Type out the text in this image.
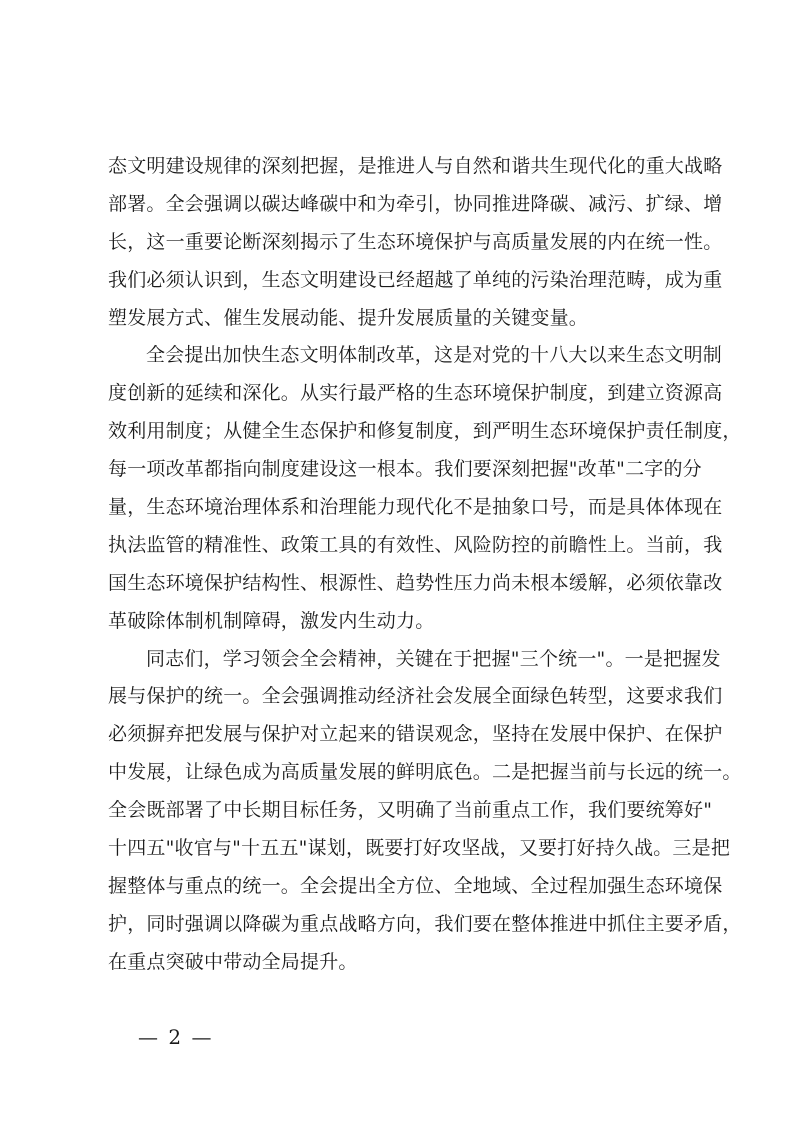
态文明建设规律的深刻把握，是推进人与自然和谐共生现代化的重大战略
部署。全会强调以碳达峰碳中和为牵引，协同推进降碳、减污、扩绿、增
长，这一重要论断深刻揭示了生态环境保护与高质量发展的内在统一性。
我们必须认识到，生态文明建设已经超越了单纯的污染治理范畴，成为重
塑发展方式、催生发展动能、提升发展质量的关键变量。
全会提出加快生态文明体制改革，这是对党的十八大以来生态文明制
度创新的延续和深化。从实行最严格的生态环境保护制度，到建立资源高
效利用制度；从健全生态保护和修复制度，到严明生态环境保护责任制度，
每一项改革都指向制度建设这一根本。我们要深刻把握"改革"二字的分
量，生态环境治理体系和治理能力现代化不是抽象口号，而是具体体现在
执法监管的精准性、政策工具的有效性、风险防控的前瞻性上。当前，我
国生态环境保护结构性、根源性、趋势性压力尚未根本缓解，必须依靠改
革破除体制机制障碍，激发内生动力。
同志们，学习领会全会精神，关键在于把握"三个统一"。一是把握发
展与保护的统一。全会强调推动经济社会发展全面绿色转型，这要求我们
必须摒弃把发展与保护对立起来的错误观念，坚持在发展中保护、在保护
中发展，让绿色成为高质量发展的鲜明底色。二是把握当前与长远的统一。
全会既部署了中长期目标任务，又明确了当前重点工作，我们要统筹好"
十四五"收官与"十五五"谋划，既要打好攻坚战，又要打好持久战。三是把
握整体与重点的统一。全会提出全方位、全地域、全过程加强生态环境保
护，同时强调以降碳为重点战略方向，我们要在整体推进中抓住主要矛盾，
在重点突破中带动全局提升。
— 2 —
